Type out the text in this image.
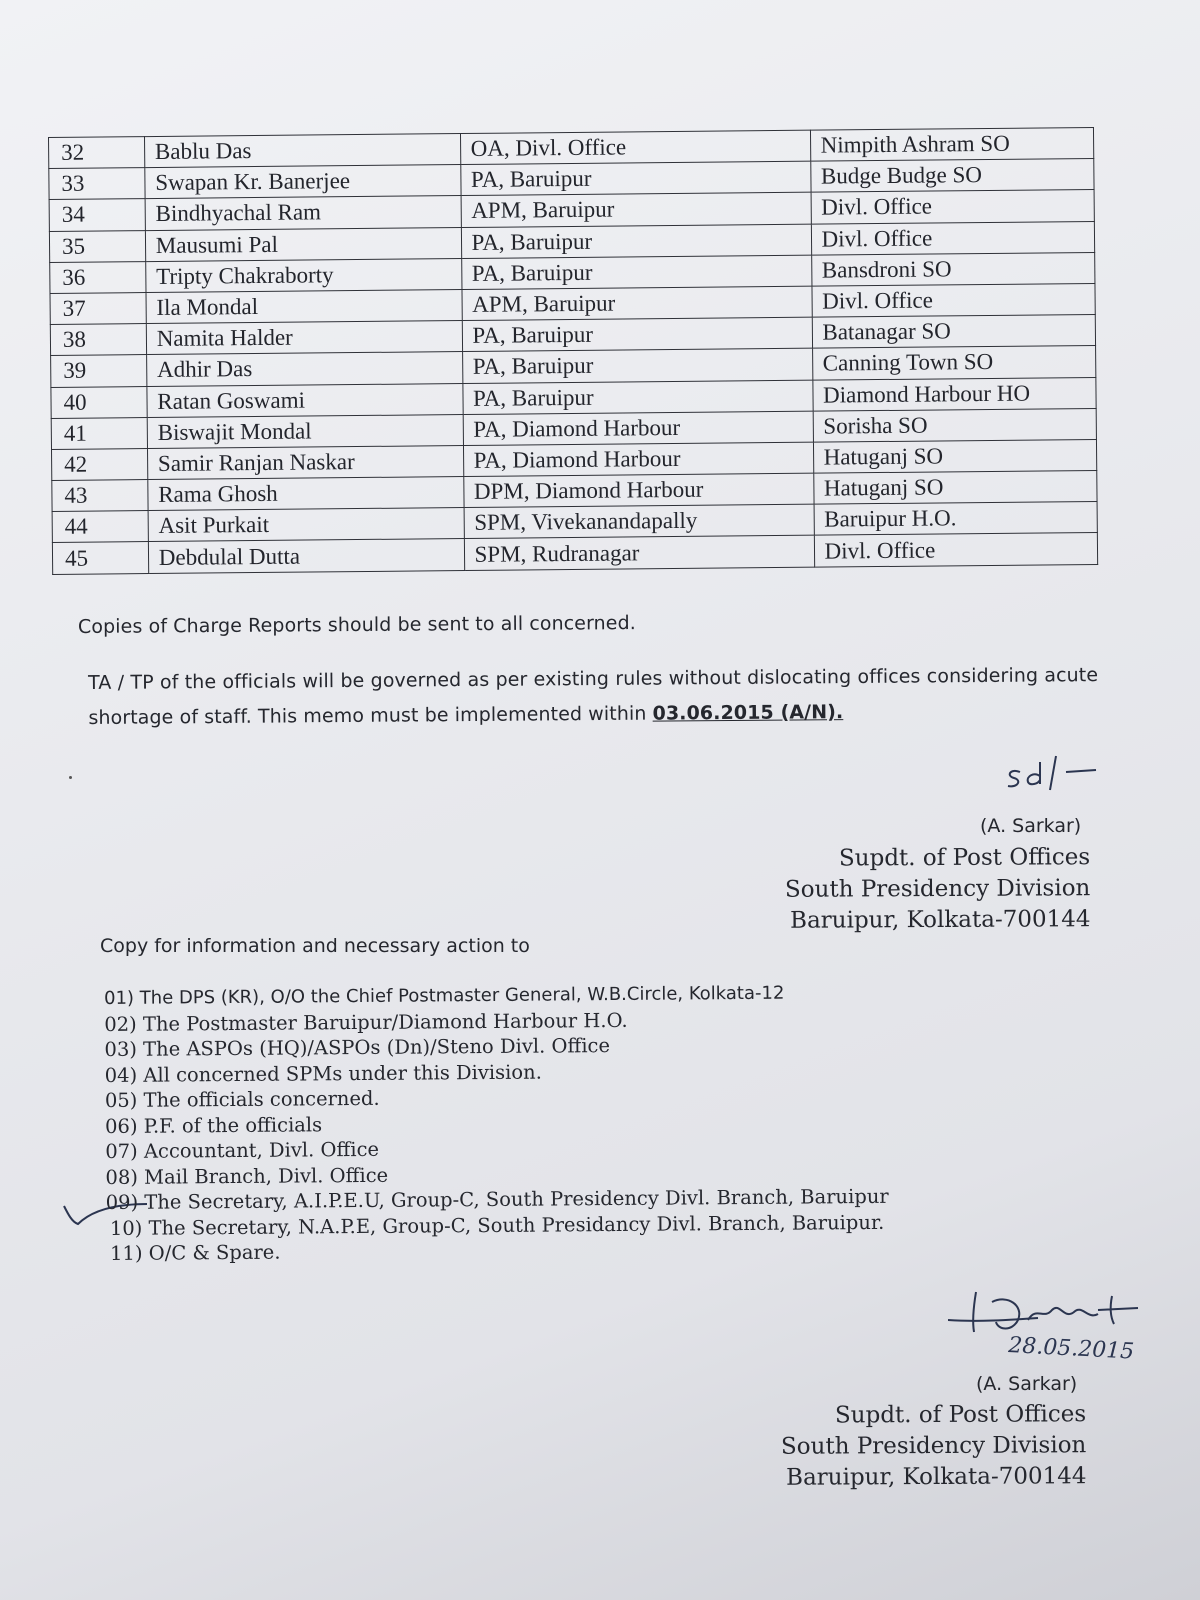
32	Bablu Das	OA, Divl. Office	Nimpith Ashram SO
33	Swapan Kr. Banerjee	PA, Baruipur	Budge Budge SO
34	Bindhyachal Ram	APM, Baruipur	Divl. Office
35	Mausumi Pal	PA, Baruipur	Divl. Office
36	Tripty Chakraborty	PA, Baruipur	Bansdroni SO
37	Ila Mondal	APM, Baruipur	Divl. Office
38	Namita Halder	PA, Baruipur	Batanagar SO
39	Adhir Das	PA, Baruipur	Canning Town SO
40	Ratan Goswami	PA, Baruipur	Diamond Harbour HO
41	Biswajit Mondal	PA, Diamond Harbour	Sorisha SO
42	Samir Ranjan Naskar	PA, Diamond Harbour	Hatuganj SO
43	Rama Ghosh	DPM, Diamond Harbour	Hatuganj SO
44	Asit Purkait	SPM, Vivekanandapally	Baruipur H.O.
45	Debdulal Dutta	SPM, Rudranagar	Divl. Office
Copies of Charge Reports should be sent to all concerned.
TA / TP of the officials will be governed as per existing rules without dislocating offices considering acute shortage of staff. This memo must be implemented within 03.06.2015 (A/N).
(A. Sarkar)
Supdt. of Post Offices
South Presidency Division
Baruipur, Kolkata-700144
Copy for information and necessary action to
01) The DPS (KR), O/O the Chief Postmaster General, W.B.Circle, Kolkata-12
02) The Postmaster Baruipur/Diamond Harbour H.O.
03) The ASPOs (HQ)/ASPOs (Dn)/Steno Divl. Office
04) All concerned SPMs under this Division.
05) The officials concerned.
06) P.F. of the officials
07) Accountant, Divl. Office
08) Mail Branch, Divl. Office
09) The Secretary, A.I.P.E.U, Group-C, South Presidency Divl. Branch, Baruipur
10) The Secretary, N.A.P.E, Group-C, South Presidancy Divl. Branch, Baruipur.
11) O/C & Spare.
28.05.2015
(A. Sarkar)
Supdt. of Post Offices
South Presidency Division
Baruipur, Kolkata-700144
